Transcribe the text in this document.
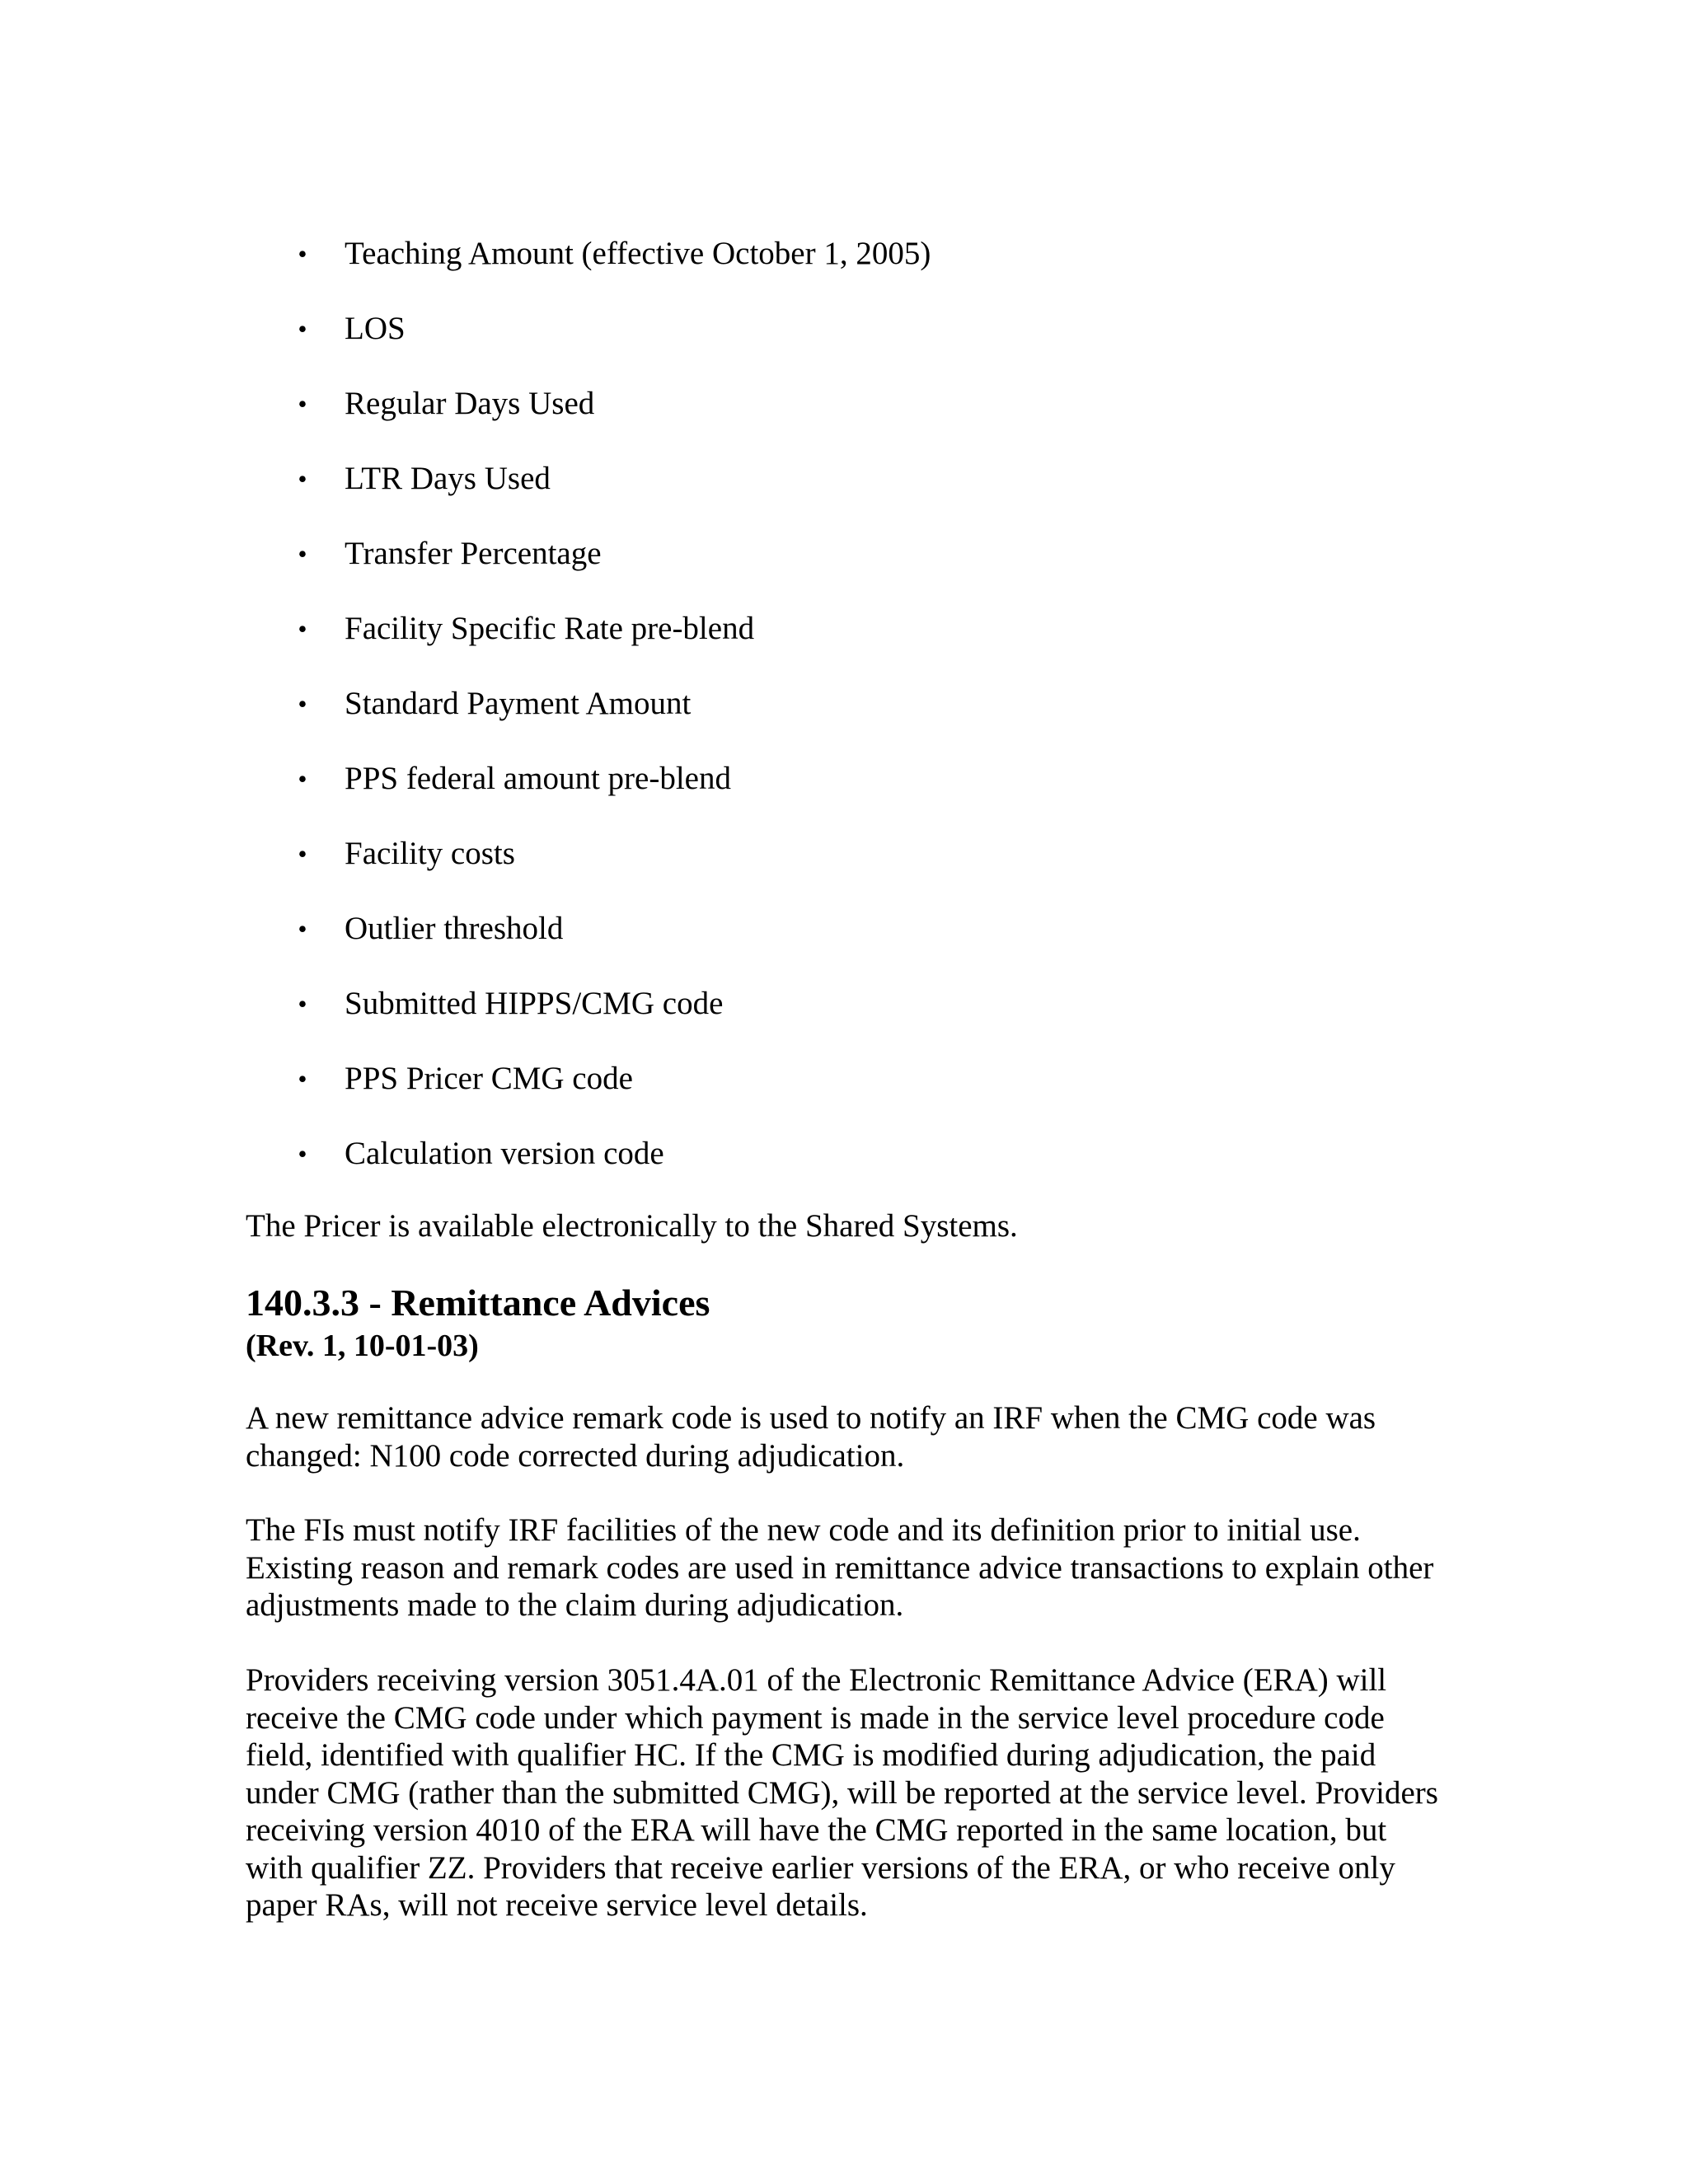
• Teaching Amount (effective October 1, 2005)
• LOS
• Regular Days Used
• LTR Days Used
• Transfer Percentage
• Facility Specific Rate pre-blend
• Standard Payment Amount
• PPS federal amount pre-blend
• Facility costs
• Outlier threshold
• Submitted HIPPS/CMG code
• PPS Pricer CMG code
• Calculation version code

The Pricer is available electronically to the Shared Systems.

140.3.3 - Remittance Advices
(Rev. 1, 10-01-03)

A new remittance advice remark code is used to notify an IRF when the CMG code was changed: N100 code corrected during adjudication.

The FIs must notify IRF facilities of the new code and its definition prior to initial use. Existing reason and remark codes are used in remittance advice transactions to explain other adjustments made to the claim during adjudication.

Providers receiving version 3051.4A.01 of the Electronic Remittance Advice (ERA) will receive the CMG code under which payment is made in the service level procedure code field, identified with qualifier HC. If the CMG is modified during adjudication, the paid under CMG (rather than the submitted CMG), will be reported at the service level. Providers receiving version 4010 of the ERA will have the CMG reported in the same location, but with qualifier ZZ. Providers that receive earlier versions of the ERA, or who receive only paper RAs, will not receive service level details.
